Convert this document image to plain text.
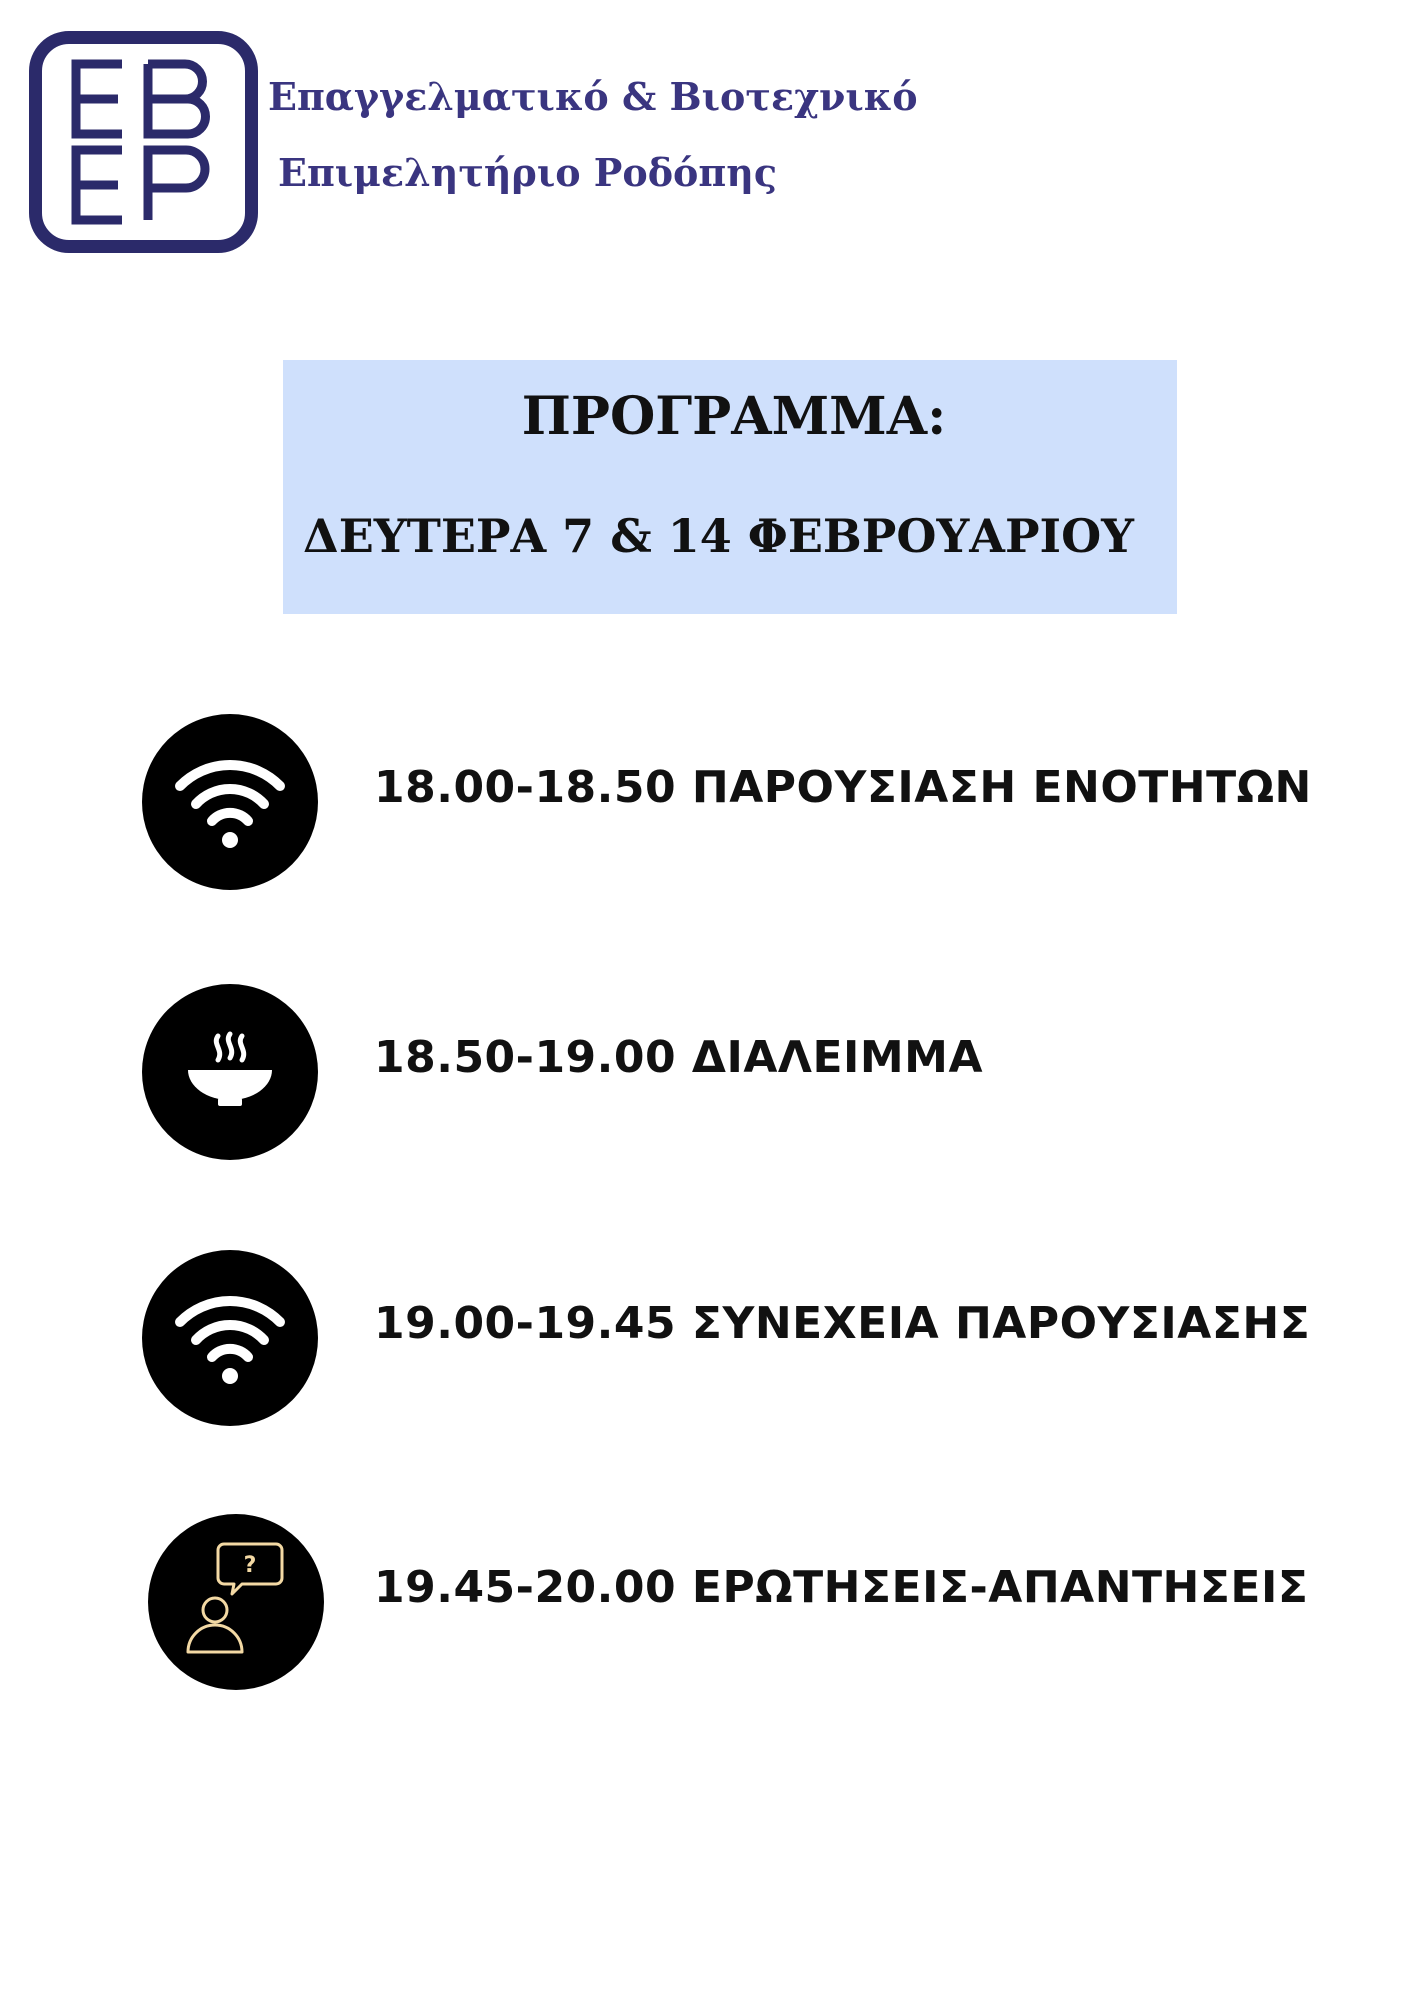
Επαγγελματικό & Βιοτεχνικό
Επιμελητήριο Ροδόπης
ΠΡΟΓΡΑΜΜΑ:
ΔΕΥΤΕΡΑ 7 & 14 ΦΕΒΡΟΥΑΡΙΟΥ
18.00-18.50 ΠΑΡΟΥΣΙΑΣΗ ΕΝΟΤΗΤΩΝ
18.50-19.00 ΔΙΑΛΕΙΜΜΑ
19.00-19.45 ΣΥΝΕΧΕΙΑ ΠΑΡΟΥΣΙΑΣΗΣ
?	19.45-20.00 ΕΡΩΤΗΣΕΙΣ-ΑΠΑΝΤΗΣΕΙΣ
